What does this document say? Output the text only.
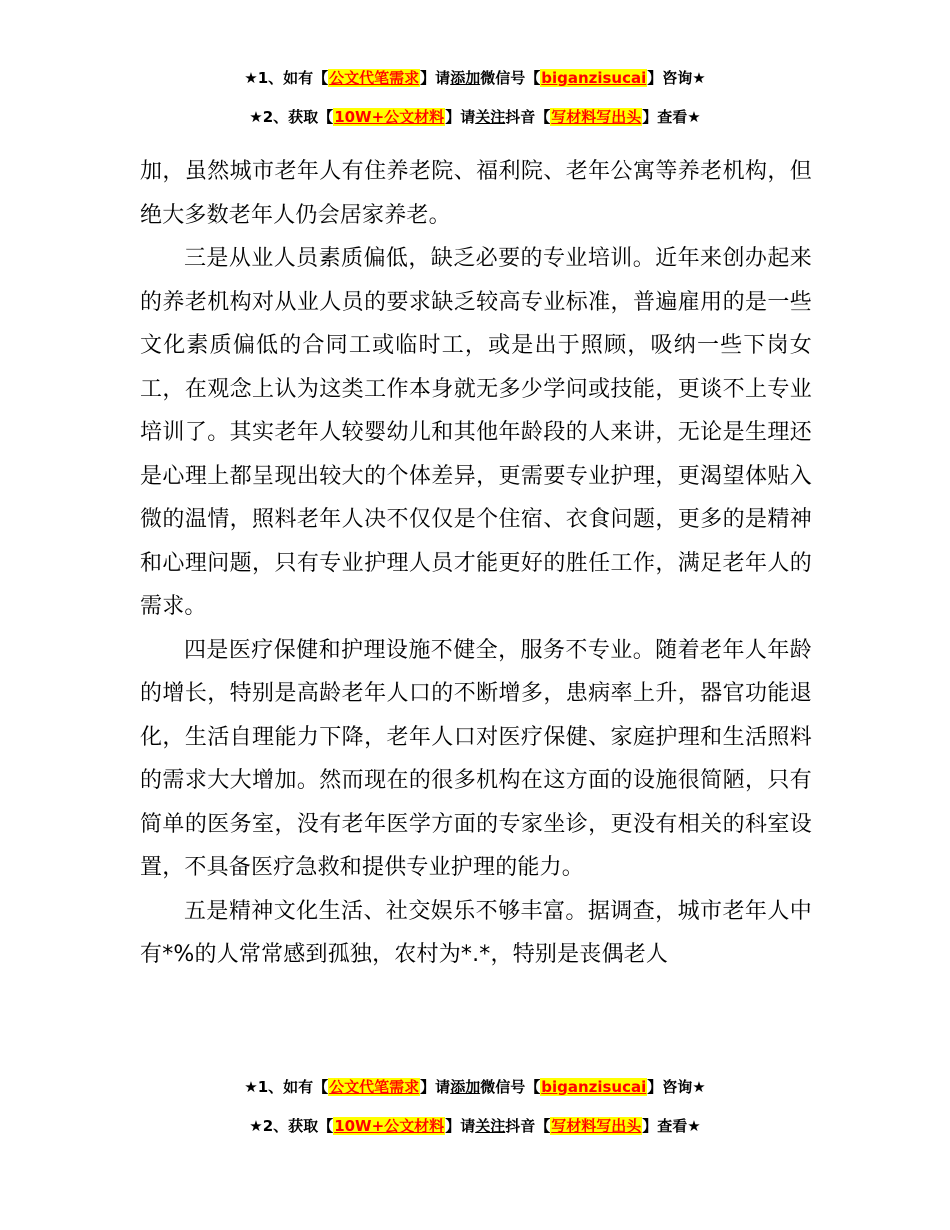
★1、如有【公文代笔需求】请添加微信号【biganzisucai】咨询★
★2、获取【10W+公文材料】请关注抖音【写材料写出头】查看★

加，虽然城市老年人有住养老院、福利院、老年公寓等养老机构，但绝大多数老年人仍会居家养老。

三是从业人员素质偏低，缺乏必要的专业培训。近年来创办起来的养老机构对从业人员的要求缺乏较高专业标准，普遍雇用的是一些文化素质偏低的合同工或临时工，或是出于照顾，吸纳一些下岗女工，在观念上认为这类工作本身就无多少学问或技能，更谈不上专业培训了。其实老年人较婴幼儿和其他年龄段的人来讲，无论是生理还是心理上都呈现出较大的个体差异，更需要专业护理，更渴望体贴入微的温情，照料老年人决不仅仅是个住宿、衣食问题，更多的是精神和心理问题，只有专业护理人员才能更好的胜任工作，满足老年人的需求。

四是医疗保健和护理设施不健全，服务不专业。随着老年人年龄的增长，特别是高龄老年人口的不断增多，患病率上升，器官功能退化，生活自理能力下降，老年人口对医疗保健、家庭护理和生活照料的需求大大增加。然而现在的很多机构在这方面的设施很简陋，只有简单的医务室，没有老年医学方面的专家坐诊，更没有相关的科室设置，不具备医疗急救和提供专业护理的能力。

五是精神文化生活、社交娱乐不够丰富。据调查，城市老年人中有*%的人常常感到孤独，农村为*.*，特别是丧偶老人

★1、如有【公文代笔需求】请添加微信号【biganzisucai】咨询★
★2、获取【10W+公文材料】请关注抖音【写材料写出头】查看★
